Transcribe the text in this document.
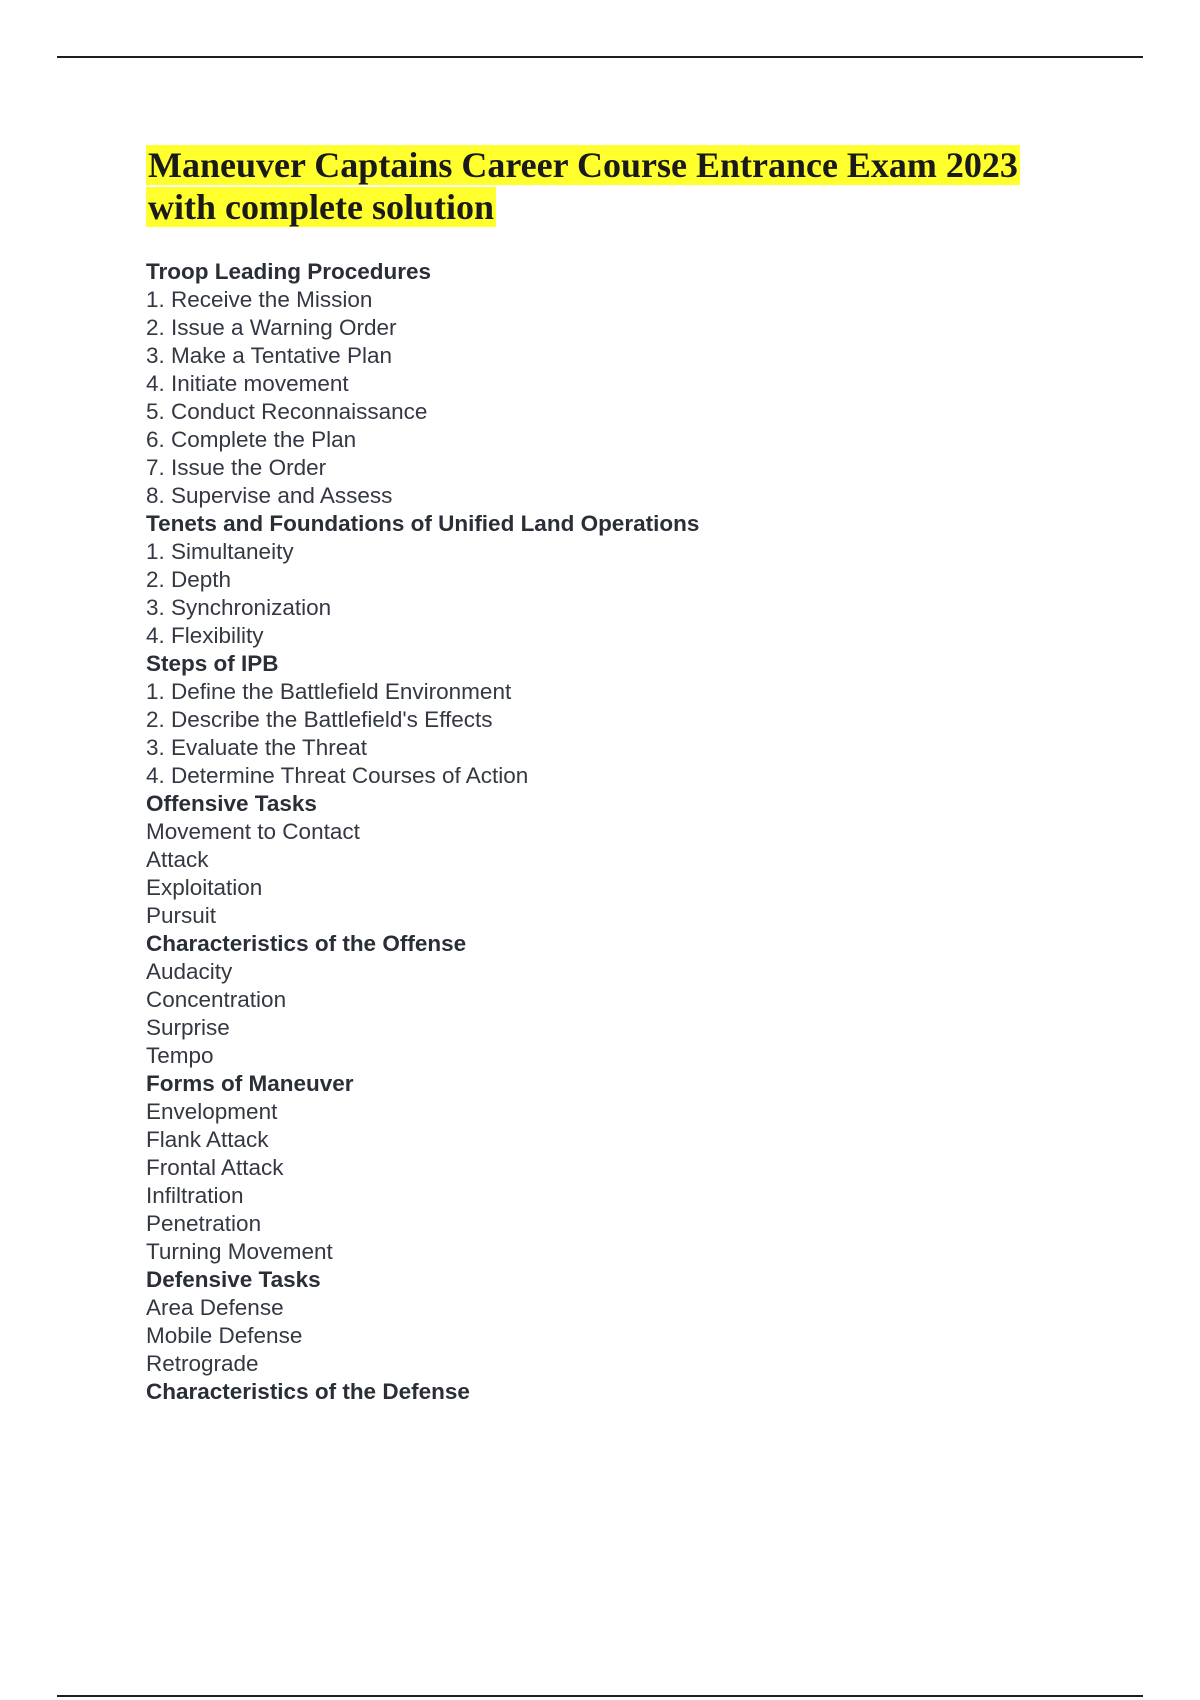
Maneuver Captains Career Course Entrance Exam 2023
with complete solution
Troop Leading Procedures
1. Receive the Mission
2. Issue a Warning Order
3. Make a Tentative Plan
4. Initiate movement
5. Conduct Reconnaissance
6. Complete the Plan
7. Issue the Order
8. Supervise and Assess
Tenets and Foundations of Unified Land Operations
1. Simultaneity
2. Depth
3. Synchronization
4. Flexibility
Steps of IPB
1. Define the Battlefield Environment
2. Describe the Battlefield's Effects
3. Evaluate the Threat
4. Determine Threat Courses of Action
Offensive Tasks
Movement to Contact
Attack
Exploitation
Pursuit
Characteristics of the Offense
Audacity
Concentration
Surprise
Tempo
Forms of Maneuver
Envelopment
Flank Attack
Frontal Attack
Infiltration
Penetration
Turning Movement
Defensive Tasks
Area Defense
Mobile Defense
Retrograde
Characteristics of the Defense
